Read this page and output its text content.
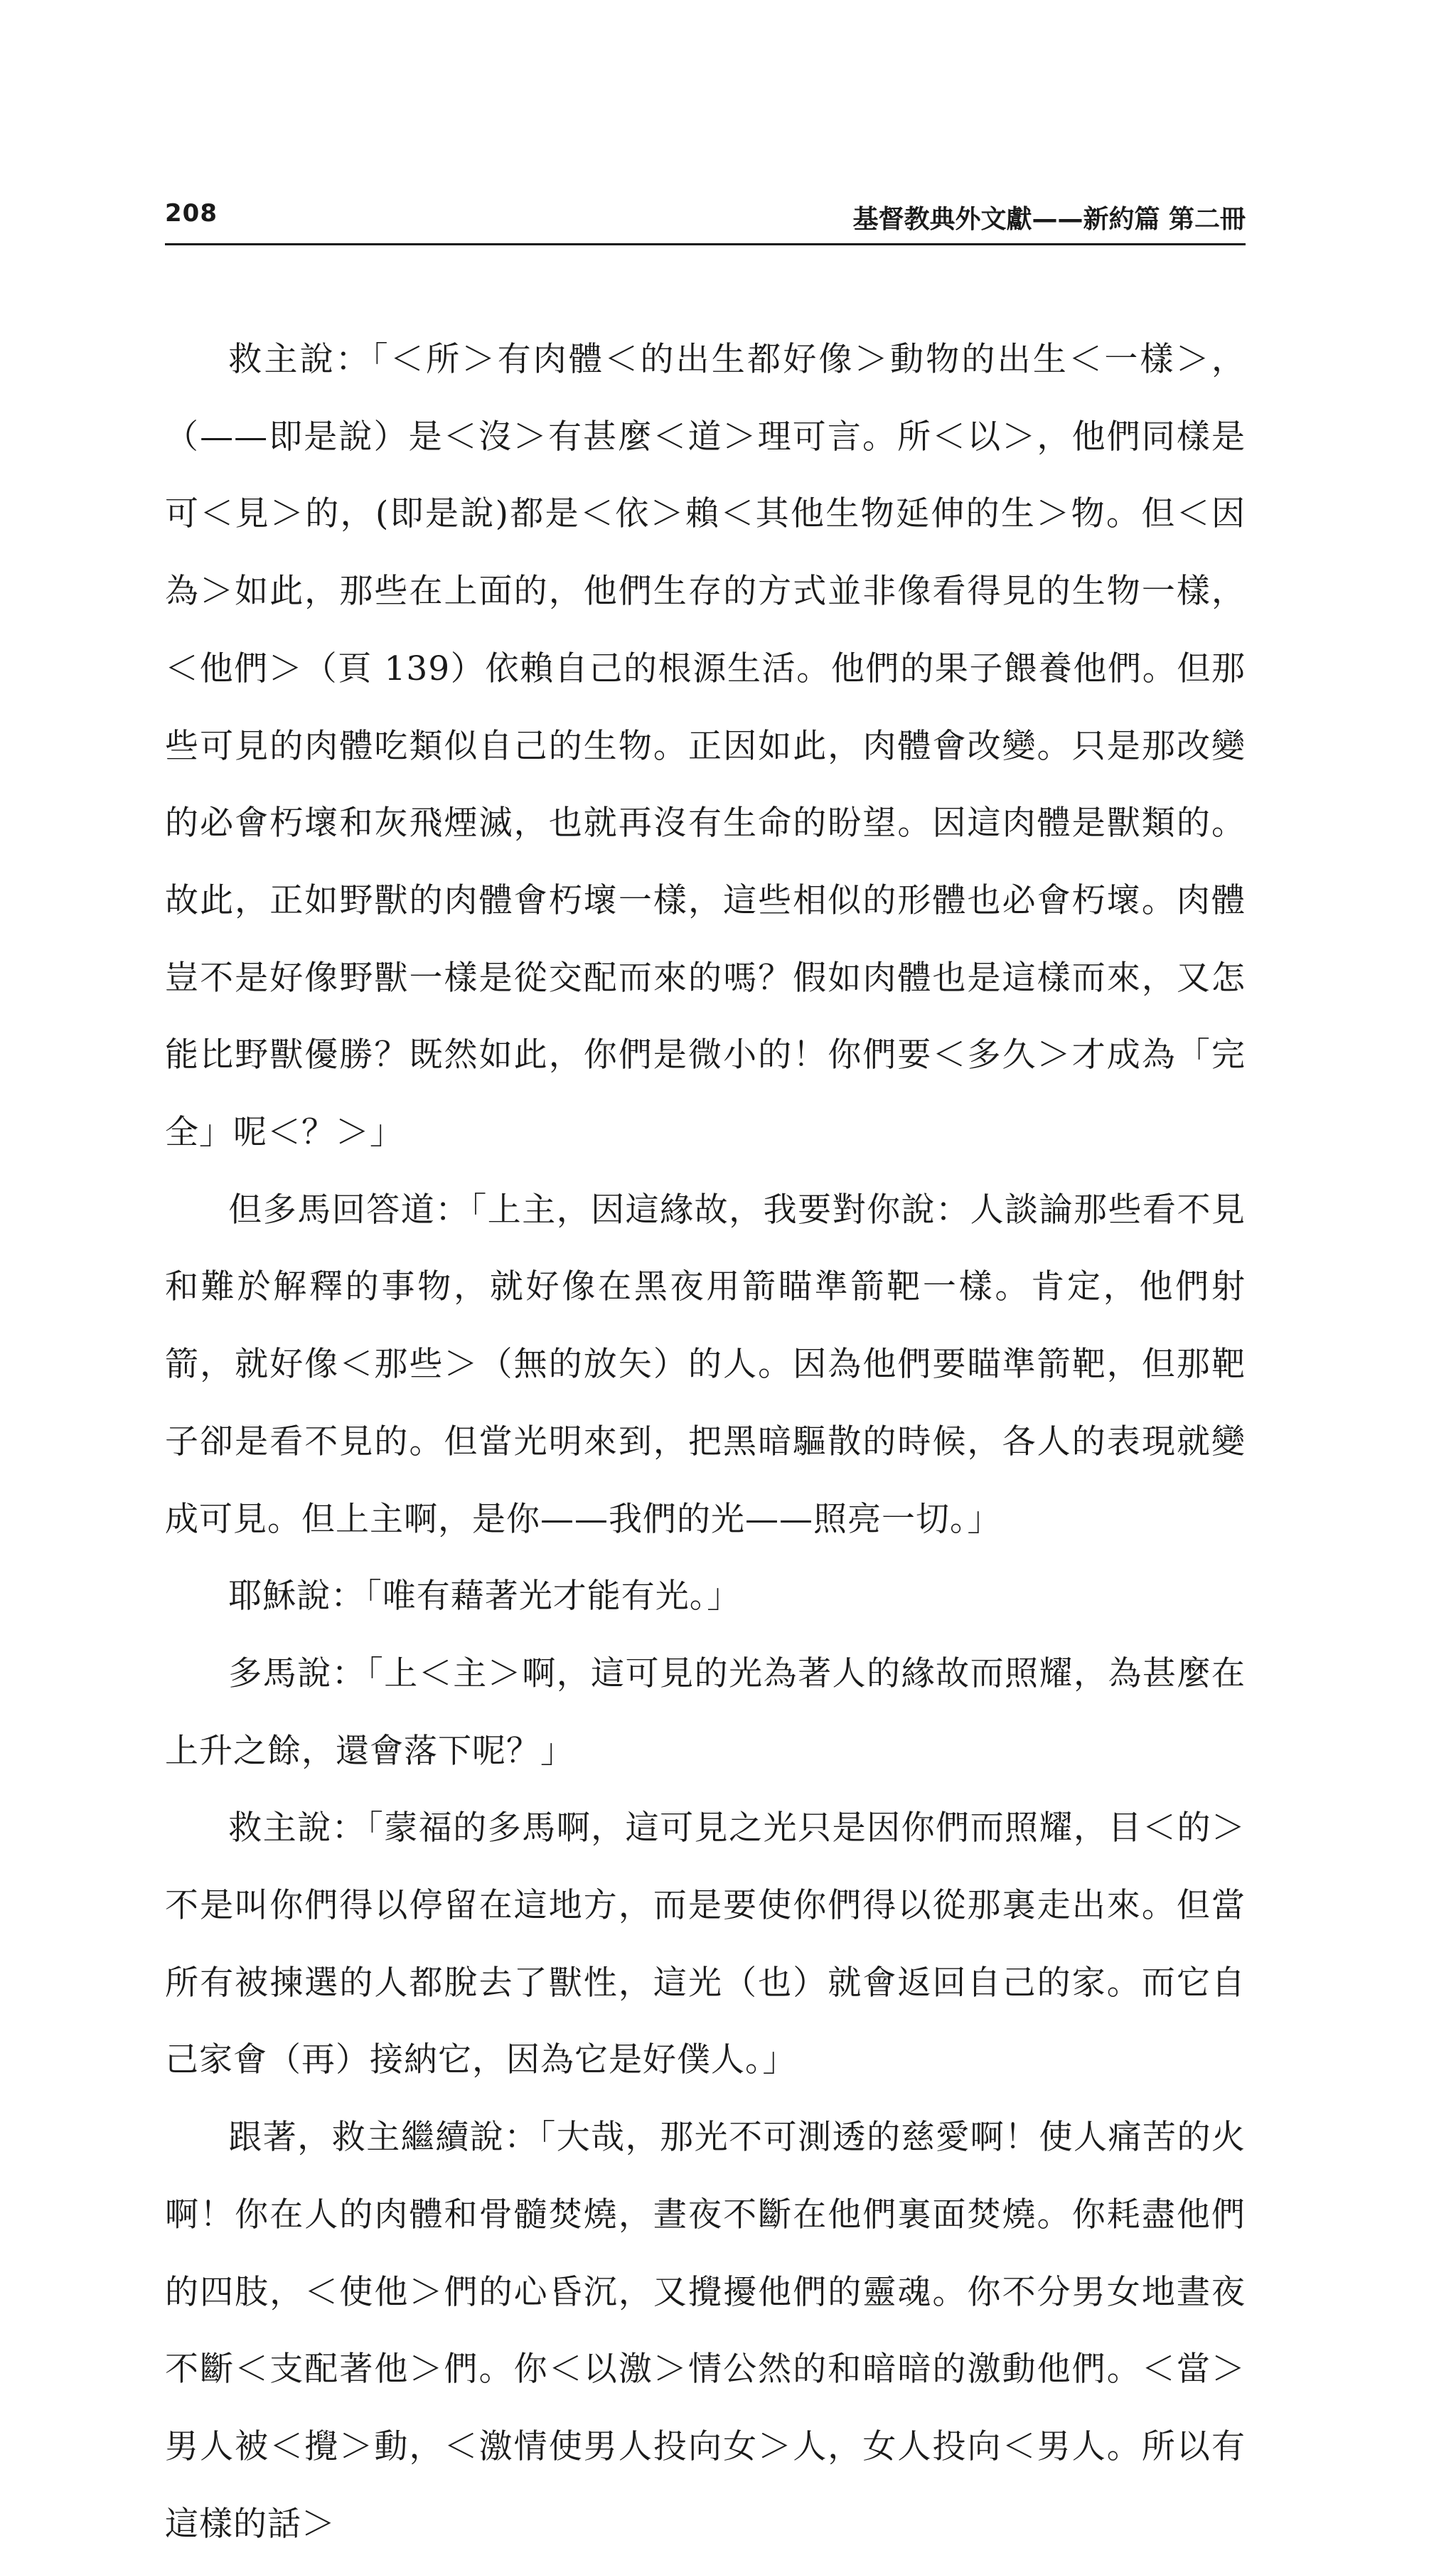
208	基督教典外文獻——新約篇 第二冊

救主說：「＜所＞有肉體＜的出生都好像＞動物的出生＜一樣＞，（——即是說）是＜沒＞有甚麼＜道＞理可言。所＜以＞，他們同樣是可＜見＞的，(即是說)都是＜依＞賴＜其他生物延伸的生＞物。但＜因為＞如此，那些在上面的，他們生存的方式並非像看得見的生物一樣，＜他們＞（頁 139）依賴自己的根源生活。他們的果子餵養他們。但那些可見的肉體吃類似自己的生物。正因如此，肉體會改變。只是那改變的必會朽壞和灰飛煙滅，也就再沒有生命的盼望。因這肉體是獸類的。故此，正如野獸的肉體會朽壞一樣，這些相似的形體也必會朽壞。肉體豈不是好像野獸一樣是從交配而來的嗎？假如肉體也是這樣而來，又怎能比野獸優勝？既然如此，你們是微小的！你們要＜多久＞才成為「完全」呢＜？＞」

但多馬回答道：「上主，因這緣故，我要對你說：人談論那些看不見和難於解釋的事物，就好像在黑夜用箭瞄準箭靶一樣。肯定，他們射箭，就好像＜那些＞（無的放矢）的人。因為他們要瞄準箭靶，但那靶子卻是看不見的。但當光明來到，把黑暗驅散的時候，各人的表現就變成可見。但上主啊，是你——我們的光——照亮一切。」

耶穌說：「唯有藉著光才能有光。」

多馬說：「上＜主＞啊，這可見的光為著人的緣故而照耀，為甚麼在上升之餘，還會落下呢？」

救主說：「蒙福的多馬啊，這可見之光只是因你們而照耀，目＜的＞不是叫你們得以停留在這地方，而是要使你們得以從那裏走出來。但當所有被揀選的人都脫去了獸性，這光（也）就會返回自己的家。而它自己家會（再）接納它，因為它是好僕人。」

跟著，救主繼續說：「大哉，那光不可測透的慈愛啊！使人痛苦的火啊！你在人的肉體和骨髓焚燒，晝夜不斷在他們裏面焚燒。你耗盡他們的四肢，＜使他＞們的心昏沉，又攪擾他們的靈魂。你不分男女地晝夜不斷＜支配著他＞們。你＜以激＞情公然的和暗暗的激動他們。＜當＞男人被＜攪＞動，＜激情使男人投向女＞人，女人投向＜男人。所以有這樣的話＞
